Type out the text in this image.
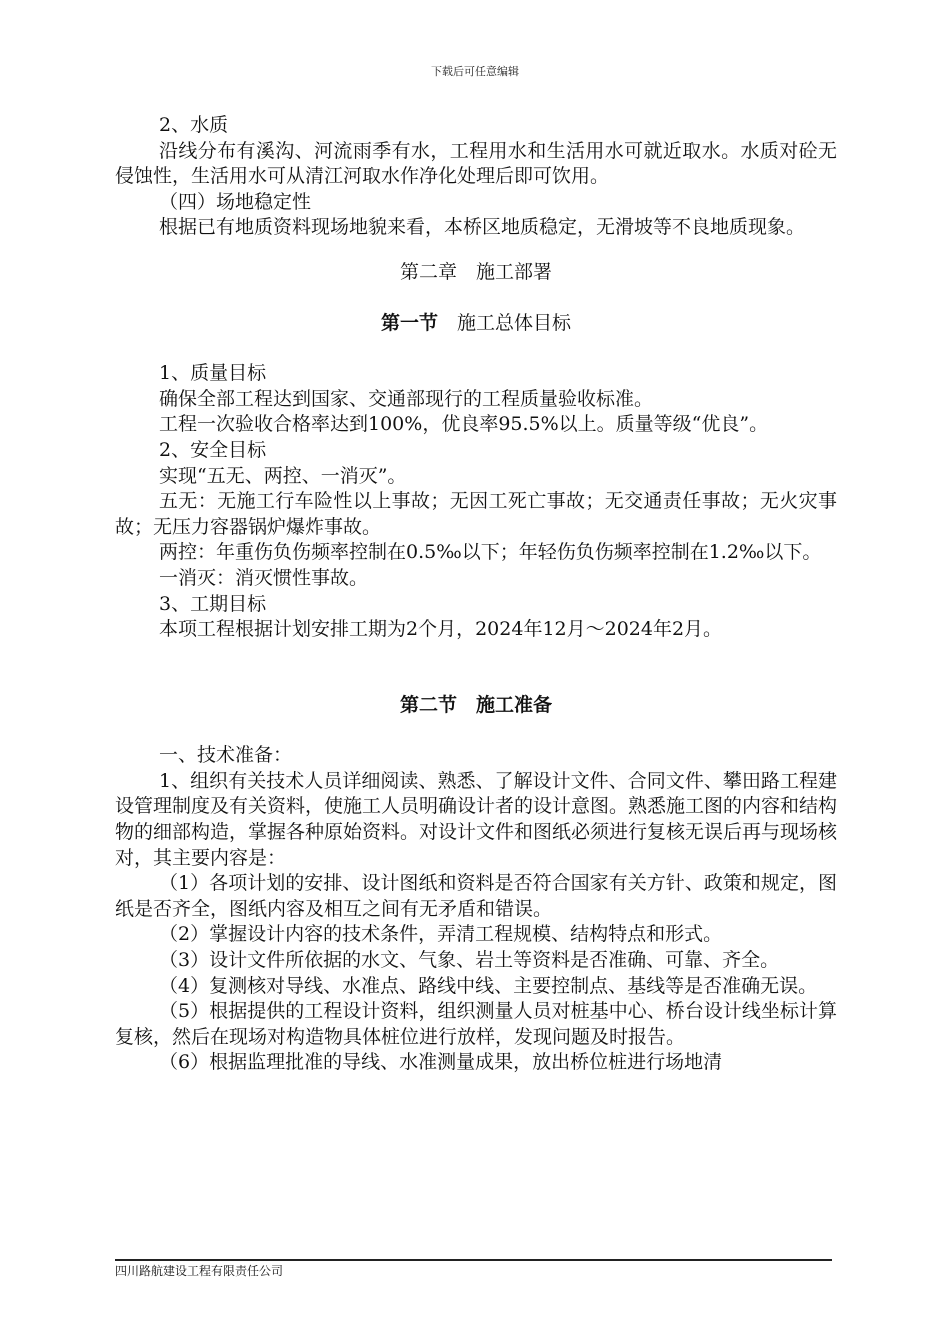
下载后可任意编辑

2、水质

沿线分布有溪沟、河流雨季有水，工程用水和生活用水可就近取水。水质对砼无侵蚀性，生活用水可从清江河取水作净化处理后即可饮用。

（四）场地稳定性

根据已有地质资料现场地貌来看，本桥区地质稳定，无滑坡等不良地质现象。

第二章　施工部署

第一节　 施工总体目标

1、质量目标

确保全部工程达到国家、交通部现行的工程质量验收标准。

工程一次验收合格率达到100%，优良率95.5%以上。质量等级“优良”。

2、安全目标

实现“五无、两控、一消灭”。

五无：无施工行车险性以上事故；无因工死亡事故；无交通责任事故；无火灾事故；无压力容器锅炉爆炸事故。

两控：年重伤负伤频率控制在0.5‰以下；年轻伤负伤频率控制在1.2‰以下。

一消灭：消灭惯性事故。

3、工期目标

本项工程根据计划安排工期为2个月，2024年12月～2024年2月。

第二节　施工准备

一、技术准备：

1、组织有关技术人员详细阅读、熟悉、了解设计文件、合同文件、攀田路工程建设管理制度及有关资料，使施工人员明确设计者的设计意图。熟悉施工图的内容和结构物的细部构造，掌握各种原始资料。对设计文件和图纸必须进行复核无误后再与现场核对，其主要内容是：

（1）各项计划的安排、设计图纸和资料是否符合国家有关方针、政策和规定，图纸是否齐全，图纸内容及相互之间有无矛盾和错误。

（2）掌握设计内容的技术条件，弄清工程规模、结构特点和形式。

（3）设计文件所依据的水文、气象、岩土等资料是否准确、可靠、齐全。

（4）复测核对导线、水准点、路线中线、主要控制点、基线等是否准确无误。

（5）根据提供的工程设计资料，组织测量人员对桩基中心、桥台设计线坐标计算复核，然后在现场对构造物具体桩位进行放样，发现问题及时报告。

（6）根据监理批准的导线、水准测量成果，放出桥位桩进行场地清

四川路航建设工程有限责任公司
